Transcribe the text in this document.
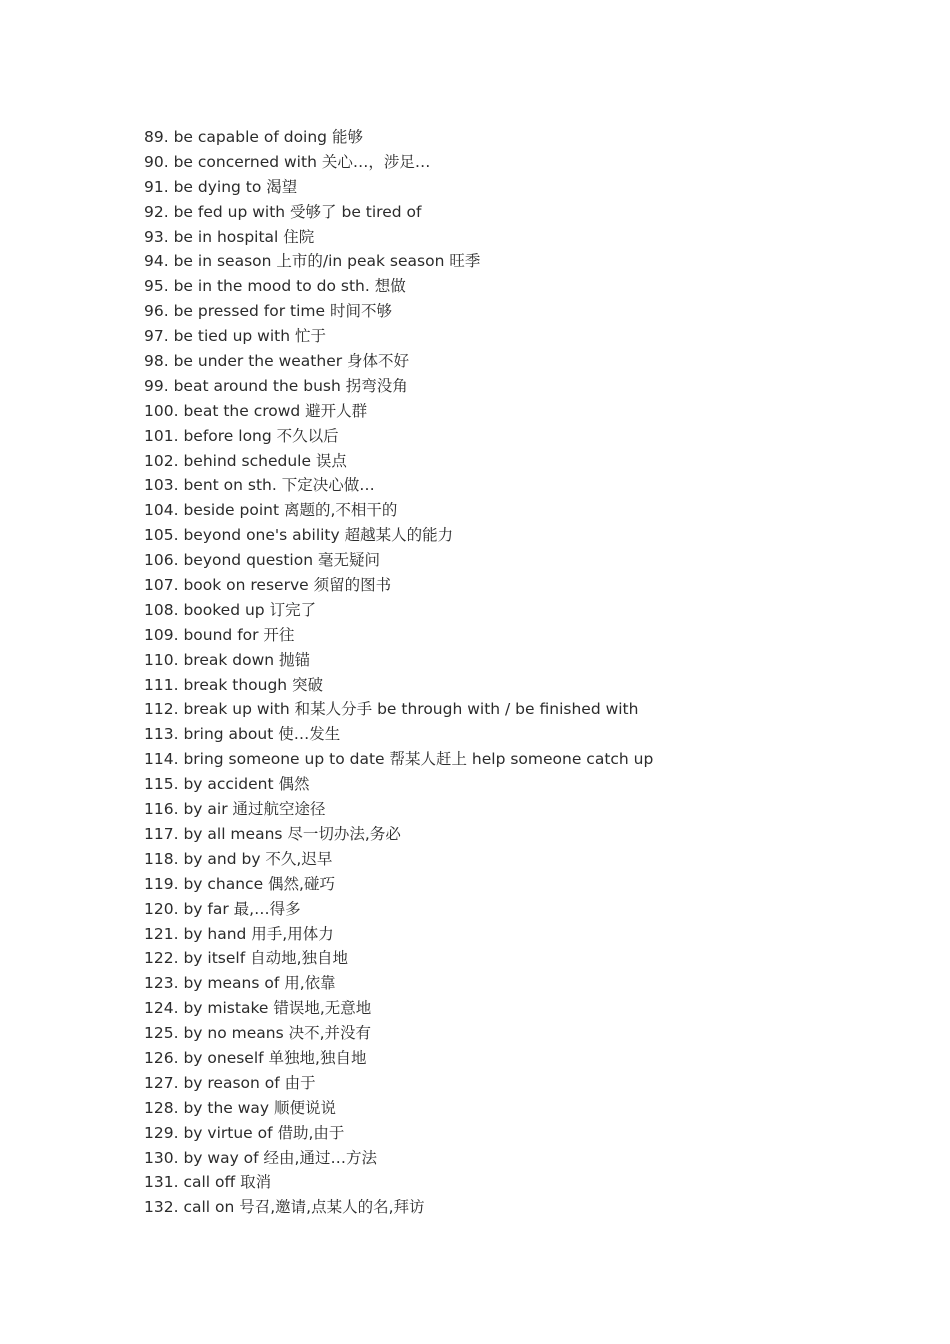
89. be capable of doing 能够
90. be concerned with 关心…，涉足…
91. be dying to 渴望
92. be fed up with 受够了 be tired of
93. be in hospital 住院
94. be in season 上市的/in peak season 旺季
95. be in the mood to do sth. 想做
96. be pressed for time 时间不够
97. be tied up with 忙于
98. be under the weather 身体不好
99. beat around the bush 拐弯没角
100. beat the crowd 避开人群
101. before long 不久以后
102. behind schedule 误点
103. bent on sth. 下定决心做…
104. beside point 离题的,不相干的
105. beyond one's ability 超越某人的能力
106. beyond question 毫无疑问
107. book on reserve 须留的图书
108. booked up 订完了
109. bound for 开往
110. break down 抛锚
111. break though 突破
112. break up with 和某人分手 be through with / be finished with
113. bring about 使…发生
114. bring someone up to date 帮某人赶上 help someone catch up
115. by accident 偶然
116. by air 通过航空途径
117. by all means 尽一切办法,务必
118. by and by 不久,迟早
119. by chance 偶然,碰巧
120. by far 最,…得多
121. by hand 用手,用体力
122. by itself 自动地,独自地
123. by means of 用,依靠
124. by mistake 错误地,无意地
125. by no means 决不,并没有
126. by oneself 单独地,独自地
127. by reason of 由于
128. by the way 顺便说说
129. by virtue of 借助,由于
130. by way of 经由,通过…方法
131. call off 取消
132. call on 号召,邀请,点某人的名,拜访
